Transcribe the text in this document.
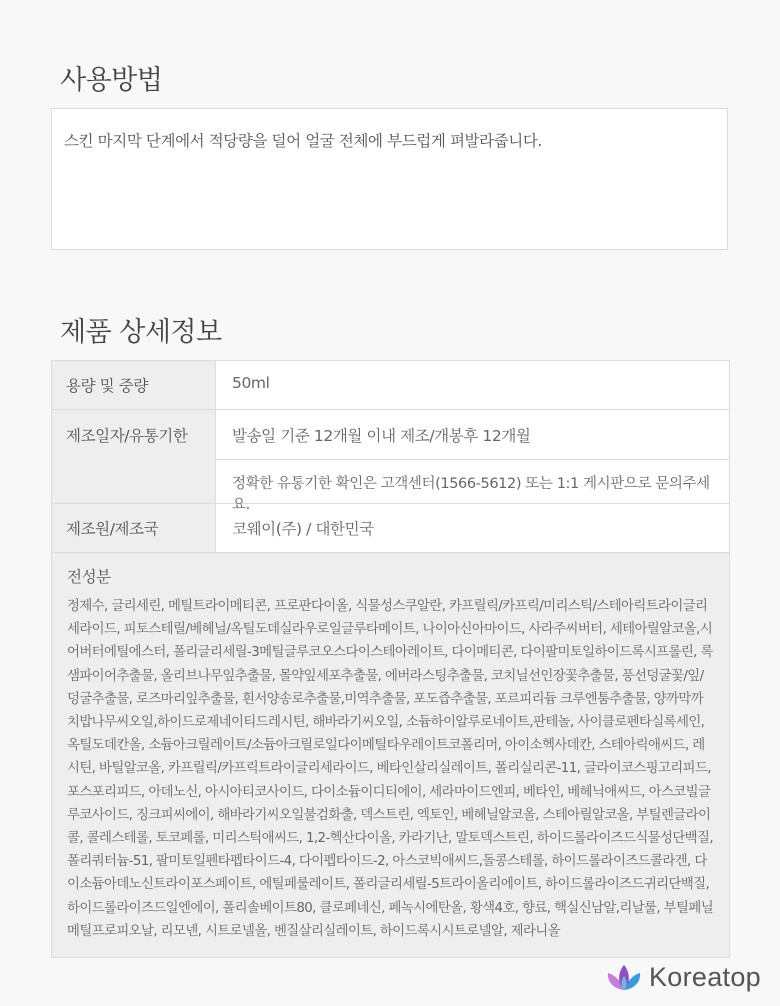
사용방법
스킨 마지막 단계에서 적당량을 덜어 얼굴 전체에 부드럽게 펴발라줍니다.
제품 상세정보
용량 및 중량	50ml
제조일자/유통기한	발송일 기준 12개월 이내 제조/개봉후 12개월
정확한 유통기한 확인은 고객센터(1566-5612) 또는 1:1 게시판으로 문의주세요.
제조원/제조국	코웨이(주) / 대한민국
전성분
정제수, 글리세린, 메틸트라이메티콘, 프로판다이올, 식물성스쿠알란, 카프릴릭/카프릭/미리스틱/스테아릭트라이글리세라이드, 피토스테릴/베헤닐/옥틸도데실라우로일글루타메이트, 나이아신아마이드, 사라주씨버터, 세테아릴알코올,시어버터에틸에스터, 폴리글리세릴-3메틸글루코오스다이스테아레이트, 다이메티콘, 다이팔미토일하이드록시프롤린, 록샘파이어추출물, 올리브나무잎추출물, 몰약잎세포추출물, 에버라스팅추출물, 코치닐선인장꽃추출물, 풍선덩굴꽃/잎/덩굴추출물, 로즈마리잎추출물, 흰서양송로추출물,미역추출물, 포도즙추출물, 포르피리듐 크루엔툼추출물, 양까막까치밥나무씨오일,하이드로제네이티드레시틴, 해바라기씨오일, 소듐하이알루로네이트,판테놀, 사이클로펜타실록세인,옥틸도데칸올, 소듐아크릴레이트/소듐아크릴로일다이메틸타우레이트코폴리머, 아이소헥사데칸, 스테아릭애씨드, 레시틴, 바틸알코올, 카프릴릭/카프릭트라이글리세라이드, 베타인살리실레이트, 폴리실리콘-11, 글라이코스핑고리피드, 포스포리피드, 아데노신, 아시아티코사이드, 다이소듐이디티에이, 세라마이드엔피, 베타인, 베헤닉애씨드, 아스코빌글루코사이드, 징크피씨에이, 해바라기씨오일불검화출, 덱스트린, 엑토인, 베헤닐알코올, 스테아릴알코올, 부틸렌글라이콜, 콜레스테롤, 토코페롤, 미리스틱애씨드, 1,2-헥산다이올, 카라기난, 말토덱스트린, 하이드롤라이즈드식물성단백질, 폴리쿼터늄-51, 팔미토일펜타펩타이드-4, 다이펩타이드-2, 아스코빅애씨드,돌콩스테롤, 하이드롤라이즈드콜라겐, 다이소듐아데노신트라이포스페이트, 에틸페룰레이트, 폴리글리세릴-5트라이올리에이트, 하이드롤라이즈드귀리단백질, 하이드롤라이즈드일엔에이, 폴리솔베이트80, 클로페네신, 페녹시에탄올, 황색4호, 향료, 핵실신남알,리날룰, 부틸페닐메틸프로피오날, 리모넨, 시트로넬올, 벤질살리실레이트, 하이드록시시트로넬알, 제라니올
Koreatop
